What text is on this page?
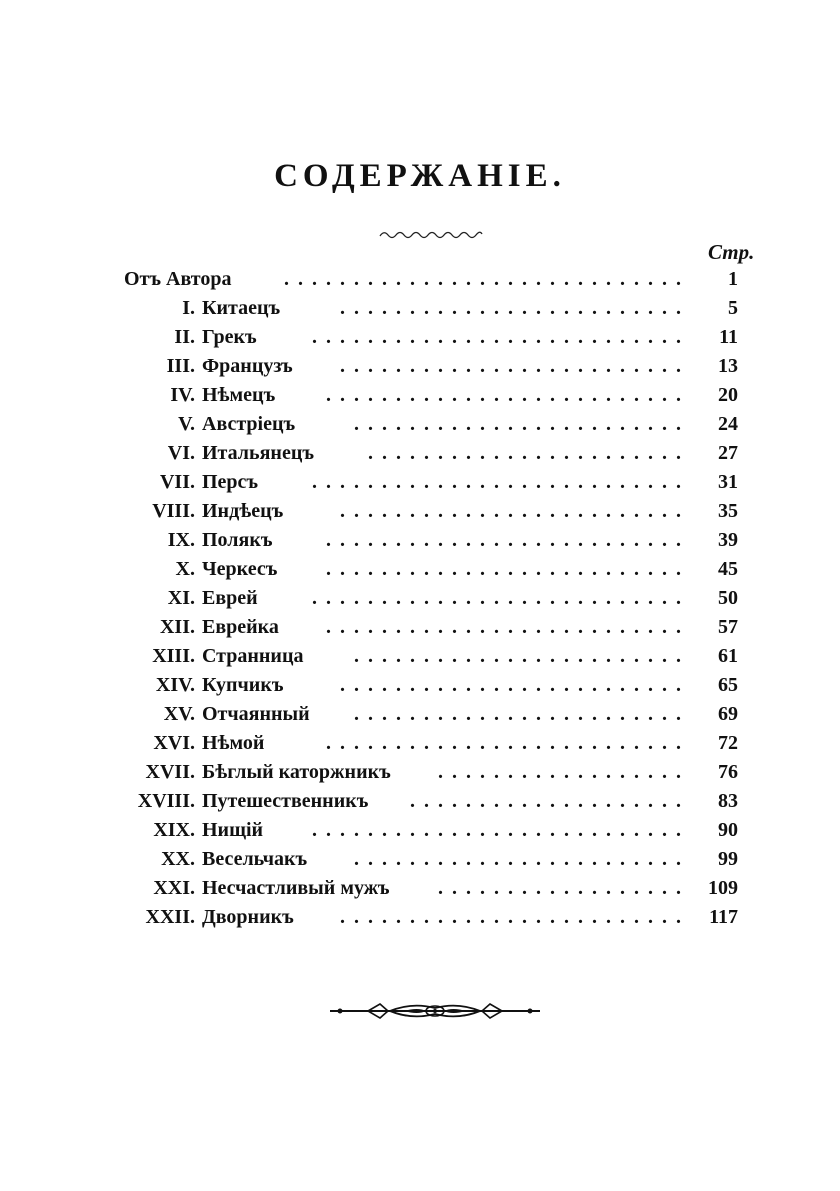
СОДЕРЖАНІЕ.
Стр.
Отъ Автора	............................. 1
I. Китаецъ	......................... 5
II. Грекъ	........................... 11
III. Французъ ......................... 13
IV. Нѣмецъ	.......................... 20
V. Австріецъ	........................ 24
VI. Итальянецъ	....................... 27
VII. Персъ	........................... 31
VIII. Индѣецъ	......................... 35
IX. Полякъ	.......................... 39
X. Черкесъ .......................... 45
XI. Еврей	........................... 50
XII. Еврейка .......................... 57
XIII. Странница	........................ 61
XIV. Купчикъ	......................... 65
XV. Отчаянный ........................ 69
XVI. Нѣмой	.......................... 72
XVII. Бѣглый каторжникъ .................. 76
XVIII. Путешественникъ .................... 83
XIX. Нищій ........................... 90
XX. Весельчакъ ........................ 99
XXI. Несчастливый мужъ .................. 109
XXII. Дворникъ ......................... 117
